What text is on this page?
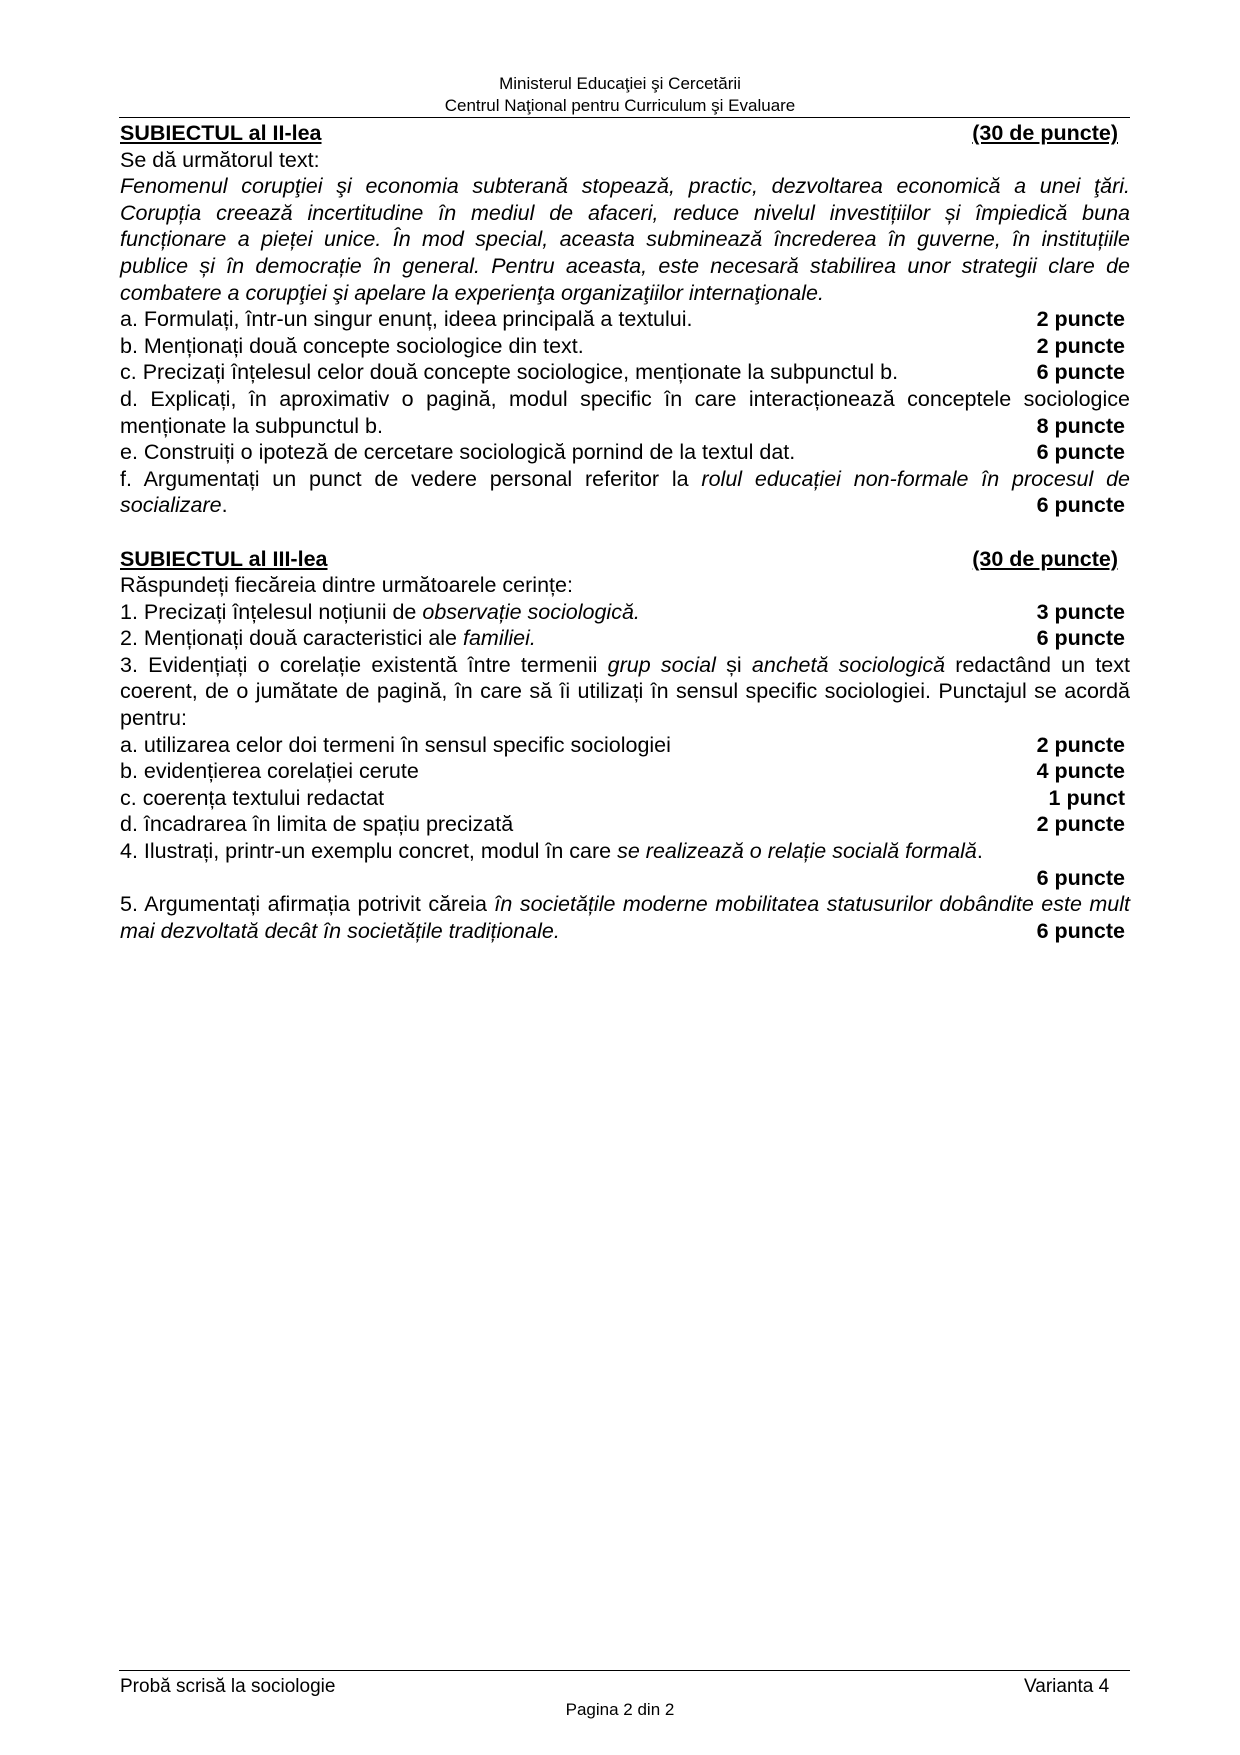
Ministerul Educaţiei şi Cercetării
Centrul Naţional pentru Curriculum şi Evaluare
SUBIECTUL al II-lea	(30 de puncte)
Se dă următorul text:
Fenomenul corupţiei şi economia subterană stopează, practic, dezvoltarea economică a unei ţări. Corupția creează incertitudine în mediul de afaceri, reduce nivelul investițiilor și împiedică buna funcționare a pieței unice. În mod special, aceasta subminează încrederea în guverne, în instituțiile publice și în democrație în general. Pentru aceasta, este necesară stabilirea unor strategii clare de combatere a corupţiei şi apelare la experienţa organizaţiilor internaţionale.
a. Formulați, într-un singur enunț, ideea principală a textului.	2 puncte
b. Menționați două concepte sociologice din text.	2 puncte
c. Precizați înțelesul celor două concepte sociologice, menționate la subpunctul b.	6 puncte
d. Explicați, în aproximativ o pagină, modul specific în care interacționează conceptele sociologice
menționate la subpunctul b.	8 puncte
e. Construiți o ipoteză de cercetare sociologică pornind de la textul dat.	6 puncte
f. Argumentați un punct de vedere personal referitor la rolul educației non-formale în procesul de socializare.	6 puncte
SUBIECTUL al III-lea	(30 de puncte)
Răspundeți fiecăreia dintre următoarele cerințe:
1. Precizați înțelesul noțiunii de observație sociologică.	3 puncte
2. Menționați două caracteristici ale familiei.	6 puncte
3. Evidențiați o corelație existentă între termenii grup social și anchetă sociologică redactând un text coerent, de o jumătate de pagină, în care să îi utilizați în sensul specific sociologiei. Punctajul se acordă pentru:
a. utilizarea celor doi termeni în sensul specific sociologiei	2 puncte
b. evidențierea corelației cerute	4 puncte
c. coerența textului redactat	1 punct
d. încadrarea în limita de spațiu precizată	2 puncte
4. Ilustrați, printr-un exemplu concret, modul în care se realizează o relație socială formală.
6 puncte
5. Argumentați afirmația potrivit căreia în societățile moderne mobilitatea statusurilor dobândite este mult mai dezvoltată decât în societățile tradiționale.	6 puncte
Probă scrisă la sociologie	Varianta 4
Pagina 2 din 2
